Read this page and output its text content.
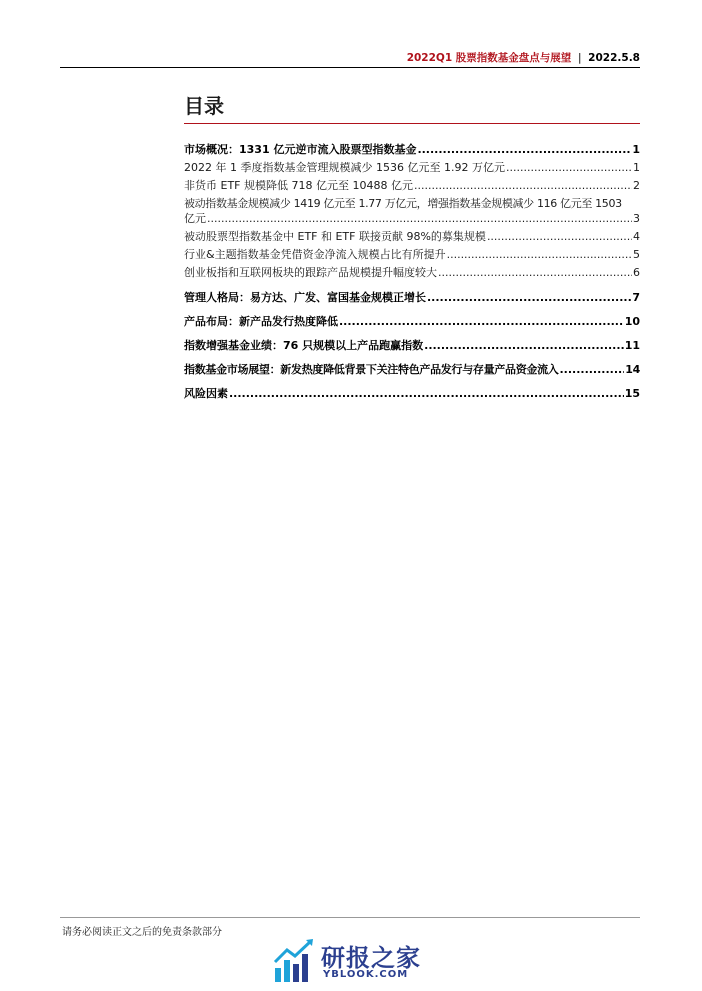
2022Q1 股票指数基金盘点与展望 | 2022.5.8
目录
市场概况：1331 亿元逆市流入股票型指数基金 .....	1
2022 年 1 季度指数基金管理规模减少 1536 亿元至 1.92 万亿元 .....	1
非货币 ETF 规模降低 718 亿元至 10488 亿元 .....	2
被动指数基金规模减少 1419 亿元至 1.77 万亿元，增强指数基金规模减少 116 亿元至 1503
亿元 .....	3
被动股票型指数基金中 ETF 和 ETF 联接贡献 98%的募集规模 .....	4
行业&主题指数基金凭借资金净流入规模占比有所提升 .....	5
创业板指和互联网板块的跟踪产品规模提升幅度较大 .....	6
管理人格局：易方达、广发、富国基金规模正增长 .....	7
产品布局：新产品发行热度降低 .....	10
指数增强基金业绩：76 只规模以上产品跑赢指数 .....	11
指数基金市场展望：新发热度降低背景下关注特色产品发行与存量产品资金流入 .....	14
风险因素 .....	15
请务必阅读正文之后的免责条款部分
研报之家
YBLOOK.COM
